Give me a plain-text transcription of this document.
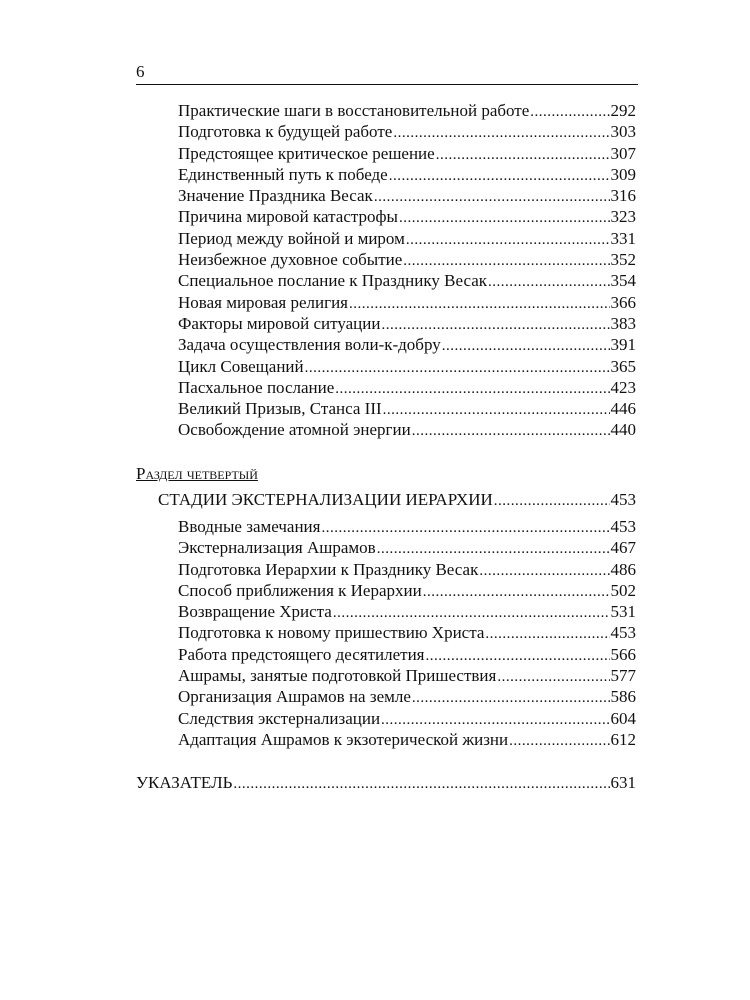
6
Практические шаги в восстановительной работе .....	292
Подготовка к будущей работе .....	303
Предстоящее критическое решение .....	307
Единственный путь к победе .....	309
Значение Праздника Весак .....	316
Причина мировой катастрофы .....	323
Период между войной и миром .....	331
Неизбежное духовное событие .....	352
Специальное послание к Празднику Весак .....	354
Новая мировая религия .....	366
Факторы мировой ситуации .....	383
Задача осуществления воли-к-добру .....	391
Цикл Совещаний .....	365
Пасхальное послание .....	423
Великий Призыв, Станса III .....	446
Освобождение атомной энергии .....	440
Раздел четвертый
СТАДИИ ЭКСТЕРНАЛИЗАЦИИ ИЕРАРХИИ .....	453
Вводные замечания .....	453
Экстернализация Ашрамов .....	467
Подготовка Иерархии к Празднику Весак .....	486
Способ приближения к Иерархии .....	502
Возвращение Христа .....	531
Подготовка к новому пришествию Христа .....	453
Работа предстоящего десятилетия .....	566
Ашрамы, занятые подготовкой Пришествия .....	577
Организация Ашрамов на земле .....	586
Следствия экстернализации .....	604
Адаптация Ашрамов к экзотерической жизни .....	612
УКАЗАТЕЛЬ .....	631
